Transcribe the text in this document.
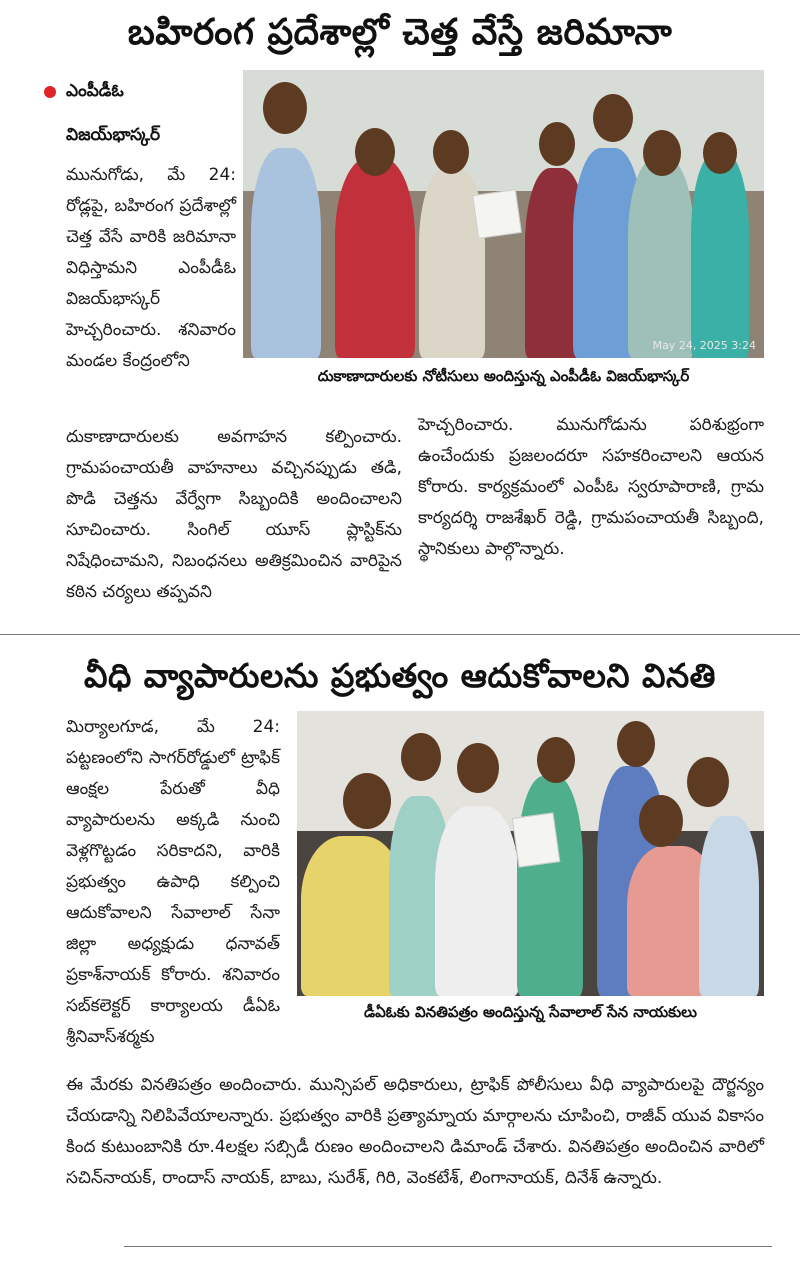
బహిరంగ ప్రదేశాల్లో చెత్త వేస్తే జరిమానా
ఎంపీడీఓ
విజయ్‌భాస్కర్

మునుగోడు, మే 24: రోడ్లపై, బహిరంగ ప్రదేశాల్లో చెత్త వేసే వారికి జరిమానా విధిస్తామని ఎంపీడీఓ విజయ్‌భాస్కర్ హెచ్చరించారు. శనివారం మండల కేంద్రంలోని

May 24, 2025 3:24
దుకాణాదారులకు నోటీసులు అందిస్తున్న ఎంపీడీఓ విజయ్‌భాస్కర్

దుకాణాదారులకు అవగాహన కల్పించారు. గ్రామపంచాయతీ వాహనాలు వచ్చినప్పుడు తడి, పొడి చెత్తను వేర్వేగా సిబ్బందికి అందించాలని సూచించారు. సింగిల్ యూస్ ప్లాస్టిక్‌ను నిషేధించామని, నిబంధనలు అతిక్రమించిన వారిపైన కఠిన చర్యలు తప్పవని

హెచ్చరించారు. మునుగోడును పరిశుభ్రంగా ఉంచేందుకు ప్రజలందరూ సహకరించాలని ఆయన కోరారు. కార్యక్రమంలో ఎంపీఓ స్వరూపారాణి, గ్రామ కార్యదర్శి రాజశేఖర్ రెడ్డి, గ్రామపంచాయతీ సిబ్బంది, స్థానికులు పాల్గొన్నారు.

వీధి వ్యాపారులను ప్రభుత్వం ఆదుకోవాలని వినతి

మిర్యాలగూడ, మే 24: పట్టణంలోని సాగర్‌రోడ్డులో ట్రాఫిక్ ఆంక్షల పేరుతో వీధి వ్యాపారులను అక్కడి నుంచి వెళ్లగొట్టడం సరికాదని, వారికి ప్రభుత్వం ఉపాధి కల్పించి ఆదుకోవాలని సేవాలాల్ సేనా జిల్లా అధ్యక్షుడు ధనావత్ ప్రకాశ్‌నాయక్ కోరారు. శనివారం సబ్‌కలెక్టర్ కార్యాలయ డీఏఓ శ్రీనివాస్‌శర్మకు

డీఏఓకు వినతిపత్రం అందిస్తున్న సేవాలాల్ సేన నాయకులు

ఈ మేరకు వినతిపత్రం అందించారు. మున్సిపల్ అధికారులు, ట్రాఫిక్ పోలీసులు వీధి వ్యాపారులపై దౌర్జన్యం చేయడాన్ని నిలిపివేయాలన్నారు. ప్రభుత్వం వారికి ప్రత్యామ్నాయ మార్గాలను చూపించి, రాజీవ్ యువ వికాసం కింద కుటుంబానికి రూ.4లక్షల సబ్సిడీ రుణం అందించాలని డిమాండ్ చేశారు. వినతిపత్రం అందించిన వారిలో సచిన్‌నాయక్, రాందాస్ నాయక్, బాబు, సురేశ్, గిరి, వెంకటేశ్, లింగానాయక్, దినేశ్ ఉన్నారు.
